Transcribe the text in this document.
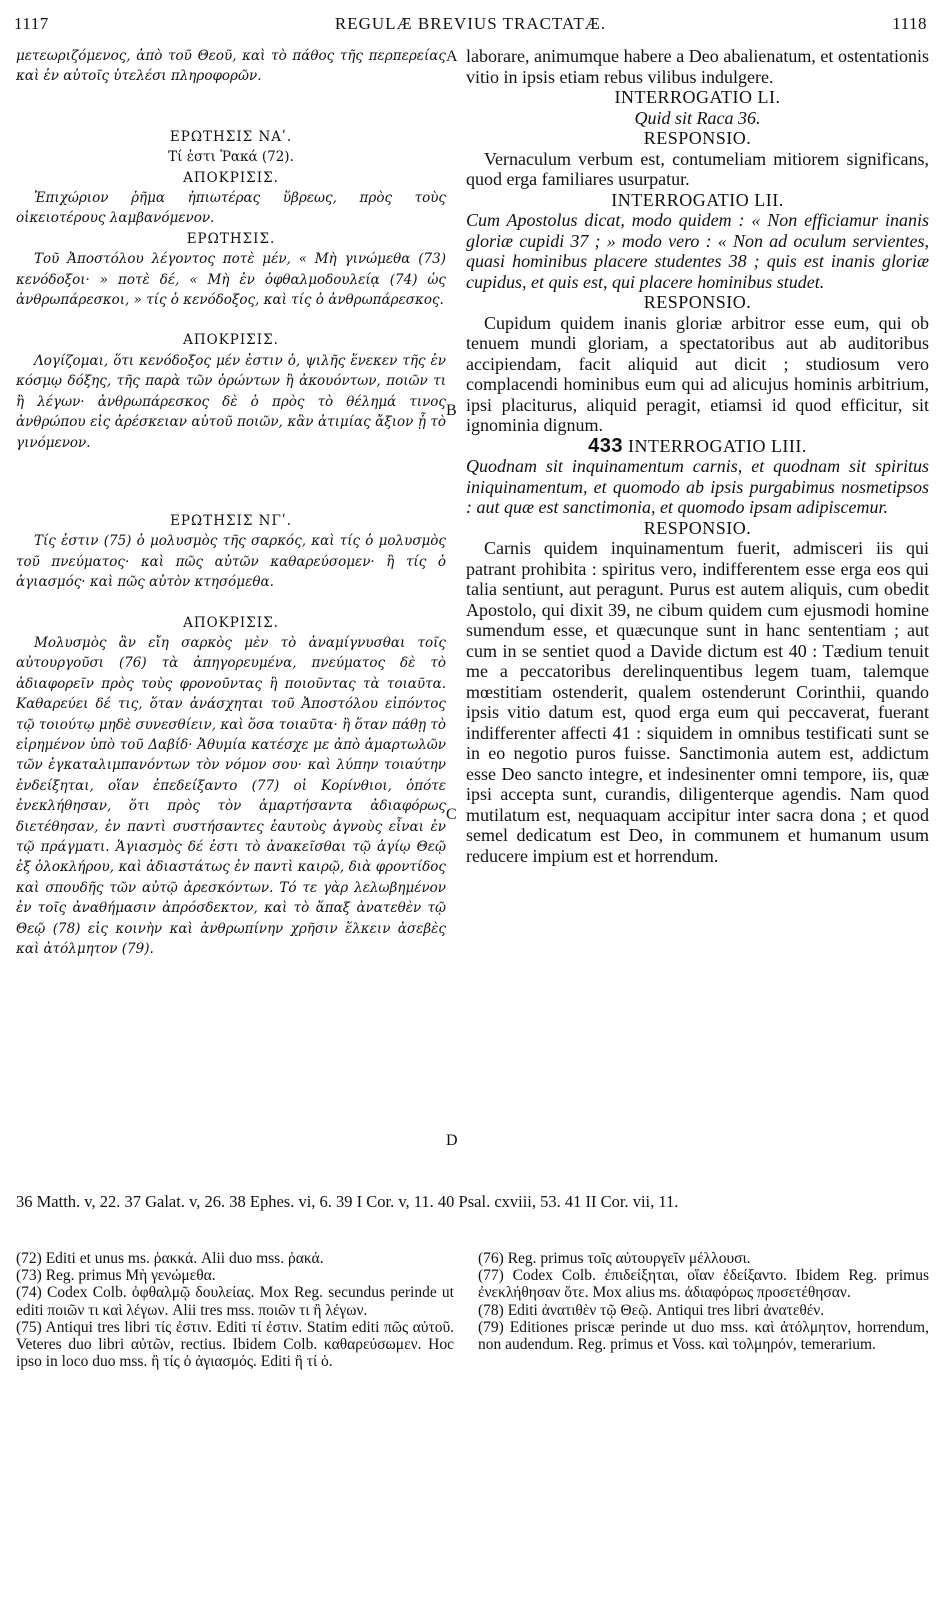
1117	REGULÆ BREVIUS TRACTATÆ.	1118
A
B
C
D

μετεωριζόμενος, ἀπὸ τοῦ Θεοῦ, καὶ τὸ πάθος τῆς περπερείας καὶ ἐν αὐτοῖς ὑτελέσι πληροφορῶν.

ΕΡΩΤΗΣΙΣ ΝΑʹ.

Τί ἐστι Ῥακά (72).

ΑΠΟΚΡΙΣΙΣ.

Ἐπιχώριον ῥῆμα ἠπιωτέρας ὕβρεως, πρὸς τοὺς οἰκειοτέρους λαμβανόμενον.

ΕΡΩΤΗΣΙΣ.

Τοῦ Ἀποστόλου λέγοντος ποτὲ μέν, « Μὴ γινώμεθα (73) κενόδοξοι· » ποτὲ δέ, « Μὴ ἐν ὀφθαλμοδουλείᾳ (74) ὡς ἀνθρωπάρεσκοι, » τίς ὁ κενόδοξος, καὶ τίς ὁ ἀνθρωπάρεσκος.

ΑΠΟΚΡΙΣΙΣ.

Λογίζομαι, ὅτι κενόδοξος μέν ἐστιν ὁ, ψιλῆς ἕνεκεν τῆς ἐν κόσμῳ δόξης, τῆς παρὰ τῶν ὁρώντων ἢ ἀκουόντων, ποιῶν τι ἢ λέγων· ἀνθρωπάρεσκος δὲ ὁ πρὸς τὸ θέλημά τινος ἀνθρώπου εἰς ἀρέσκειαν αὐτοῦ ποιῶν, κἂν ἀτιμίας ἄξιον ᾖ τὸ γινόμενον.

ΕΡΩΤΗΣΙΣ ΝΓʹ.

Τίς ἐστιν (75) ὁ μολυσμὸς τῆς σαρκός, καὶ τίς ὁ μολυσμὸς τοῦ πνεύματος· καὶ πῶς αὐτῶν καθαρεύσομεν· ἢ τίς ὁ ἁγιασμός· καὶ πῶς αὐτὸν κτησόμεθα.

ΑΠΟΚΡΙΣΙΣ.

Μολυσμὸς ἂν εἴη σαρκὸς μὲν τὸ ἀναμίγνυσθαι τοῖς αὐτουργοῦσι (76) τὰ ἀπηγορευμένα, πνεύματος δὲ τὸ ἀδιαφορεῖν πρὸς τοὺς φρονοῦντας ἢ ποιοῦντας τὰ τοιαῦτα. Καθαρεύει δέ τις, ὅταν ἀνάσχηται τοῦ Ἀποστόλου εἰπόντος τῷ τοιούτῳ μηδὲ συνεσθίειν, καὶ ὅσα τοιαῦτα· ἢ ὅταν πάθῃ τὸ εἰρημένον ὑπὸ τοῦ Δαβίδ· Ἀθυμία κατέσχε με ἀπὸ ἁμαρτωλῶν τῶν ἐγκαταλιμπανόντων τὸν νόμον σου· καὶ λύπην τοιαύτην ἐνδείξηται, οἵαν ἐπεδείξαντο (77) οἱ Κορίνθιοι, ὁπότε ἐνεκλήθησαν, ὅτι πρὸς τὸν ἁμαρτήσαντα ἀδιαφόρως διετέθησαν, ἐν παντὶ συστήσαντες ἑαυτοὺς ἁγνοὺς εἶναι ἐν τῷ πράγματι. Ἁγιασμὸς δέ ἐστι τὸ ἀνακεῖσθαι τῷ ἁγίῳ Θεῷ ἐξ ὁλοκλήρου, καὶ ἀδιαστάτως ἐν παντὶ καιρῷ, διὰ φροντίδος καὶ σπουδῆς τῶν αὐτῷ ἀρεσκόντων. Τό τε γὰρ λελωβημένον ἐν τοῖς ἀναθήμασιν ἀπρόσδεκτον, καὶ τὸ ἅπαξ ἀνατεθὲν τῷ Θεῷ (78) εἰς κοινὴν καὶ ἀνθρωπίνην χρῆσιν ἕλκειν ἀσεβὲς καὶ ἀτόλμητον (79).

laborare, animumque habere a Deo abalienatum, et ostentationis vitio in ipsis etiam rebus vilibus indulgere.

INTERROGATIO LI.

Quid sit Raca 36.

RESPONSIO.

Vernaculum verbum est, contumeliam mitiorem significans, quod erga familiares usurpatur.

INTERROGATIO LII.

Cum Apostolus dicat, modo quidem : « Non efficiamur inanis gloriæ cupidi 37 ; » modo vero : « Non ad oculum servientes, quasi hominibus placere studentes 38 ; quis est inanis gloriæ cupidus, et quis est, qui placere hominibus studet.

RESPONSIO.

Cupidum quidem inanis gloriæ arbitror esse eum, qui ob tenuem mundi gloriam, a spectatoribus aut ab auditoribus accipiendam, facit aliquid aut dicit ; studiosum vero complacendi hominibus eum qui ad alicujus hominis arbitrium, ipsi placiturus, aliquid peragit, etiamsi id quod efficitur, sit ignominia dignum.

433 INTERROGATIO LIII.

Quodnam sit inquinamentum carnis, et quodnam sit spiritus iniquinamentum, et quomodo ab ipsis purgabimus nosmetipsos : aut quæ est sanctimonia, et quomodo ipsam adipiscemur.

RESPONSIO.

Carnis quidem inquinamentum fuerit, admisceri iis qui patrant prohibita : spiritus vero, indifferentem esse erga eos qui talia sentiunt, aut peragunt. Purus est autem aliquis, cum obedit Apostolo, qui dixit 39, ne cibum quidem cum ejusmodi homine sumendum esse, et quæcunque sunt in hanc sententiam ; aut cum in se sentiet quod a Davide dictum est 40 : Tædium tenuit me a peccatoribus derelinquentibus legem tuam, talemque mœstitiam ostenderit, qualem ostenderunt Corinthii, quando ipsis vitio datum est, quod erga eum qui peccaverat, fuerant indifferenter affecti 41 : siquidem in omnibus testificati sunt se in eo negotio puros fuisse. Sanctimonia autem est, addictum esse Deo sancto integre, et indesinenter omni tempore, iis, quæ ipsi accepta sunt, curandis, diligenterque agendis. Nam quod mutilatum est, nequaquam accipitur inter sacra dona ; et quod semel dedicatum est Deo, in communem et humanum usum reducere impium est et horrendum.

36 Matth. v, 22. 37 Galat. v, 26. 38 Ephes. vi, 6. 39 I Cor. v, 11. 40 Psal. cxviii, 53. 41 II Cor. vii, 11.

(72) Editi et unus ms. ῥακκά. Alii duo mss. ῥακά.

(73) Reg. primus Μὴ γενώμεθα.

(74) Codex Colb. ὀφθαλμῷ δουλείας. Mox Reg. secundus perinde ut editi ποιῶν τι καὶ λέγων. Alii tres mss. ποιῶν τι ἢ λέγων.

(75) Antiqui tres libri τίς ἐστιν. Editi τί ἐστιν. Statim editi πῶς αὐτοῦ. Veteres duo libri αὐτῶν, rectius. Ibidem Colb. καθαρεύσωμεν. Hoc ipso in loco duo mss. ἢ τίς ὁ ἁγιασμός. Editi ἢ τί ὁ.

(76) Reg. primus τοῖς αὐτουργεῖν μέλλουσι.

(77) Codex Colb. ἐπιδείξηται, οἵαν ἐδείξαντο. Ibidem Reg. primus ἐνεκλήθησαν ὅτε. Mox alius ms. ἀδιαφόρως προσετέθησαν.

(78) Editi ἀνατιθὲν τῷ Θεῷ. Antiqui tres libri ἀνατεθέν.

(79) Editiones priscæ perinde ut duo mss. καὶ ἀτόλμητον, horrendum, non audendum. Reg. primus et Voss. καὶ τολμηρόν, temerarium.
